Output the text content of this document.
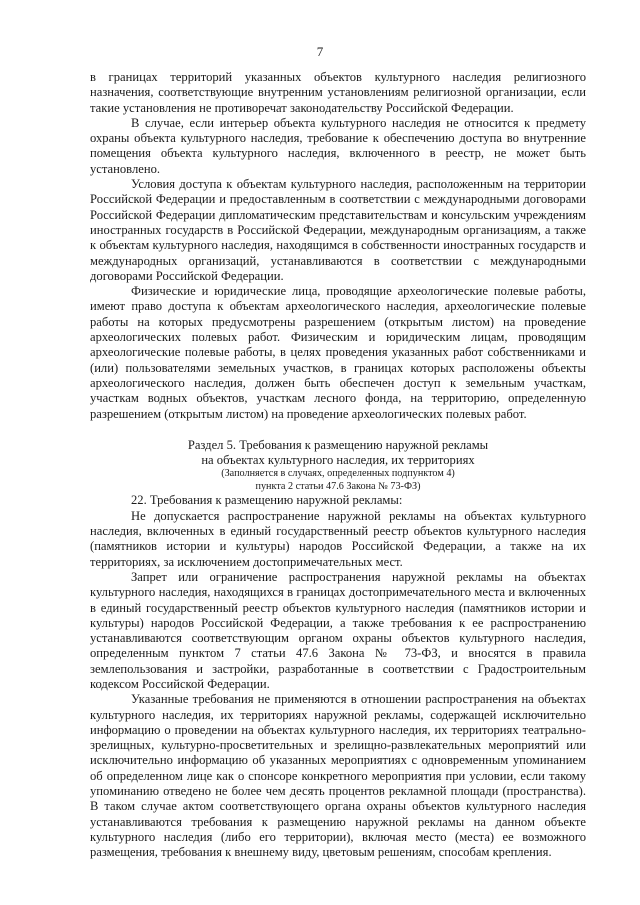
7

в границах территорий указанных объектов культурного наследия религиозного назначения, соответствующие внутренним установлениям религиозной организации, если такие установления не противоречат законодательству Российской Федерации.

В случае, если интерьер объекта культурного наследия не относится к предмету охраны объекта культурного наследия, требование к обеспечению доступа во внутренние помещения объекта культурного наследия, включенного в реестр, не может быть установлено.

Условия доступа к объектам культурного наследия, расположенным на территории Российской Федерации и предоставленным в соответствии с международными договорами Российской Федерации дипломатическим представительствам и консульским учреждениям иностранных государств в Российской Федерации, международным организациям, а также к объектам культурного наследия, находящимся в собственности иностранных государств и международных организаций, устанавливаются в соответствии с международными договорами Российской Федерации.

Физические и юридические лица, проводящие археологические полевые работы, имеют право доступа к объектам археологического наследия, археологические полевые работы на которых предусмотрены разрешением (открытым листом) на проведение археологических полевых работ. Физическим и юридическим лицам, проводящим археологические полевые работы, в целях проведения указанных работ собственниками и (или) пользователями земельных участков, в границах которых расположены объекты археологического наследия, должен быть обеспечен доступ к земельным участкам, участкам водных объектов, участкам лесного фонда, на территорию, определенную разрешением (открытым листом) на проведение археологических полевых работ.

Раздел 5. Требования к размещению наружной рекламы

на объектах культурного наследия, их территориях

(Заполняется в случаях, определенных подпунктом 4)

пункта 2 статьи 47.6 Закона № 73-ФЗ)

22. Требования к размещению наружной рекламы:

Не допускается распространение наружной рекламы на объектах культурного наследия, включенных в единый государственный реестр объектов культурного наследия (памятников истории и культуры) народов Российской Федерации, а также на их территориях, за исключением достопримечательных мест.

Запрет или ограничение распространения наружной рекламы на объектах культурного наследия, находящихся в границах достопримечательного места и включенных в единый государственный реестр объектов культурного наследия (памятников истории и культуры) народов Российской Федерации, а также требования к ее распространению устанавливаются соответствующим органом охраны объектов культурного наследия, определенным пунктом 7 статьи 47.6 Закона № 73-ФЗ, и вносятся в правила землепользования и застройки, разработанные в соответствии с Градостроительным кодексом Российской Федерации.

Указанные требования не применяются в отношении распространения на объектах культурного наследия, их территориях наружной рекламы, содержащей исключительно информацию о проведении на объектах культурного наследия, их территориях театрально-зрелищных, культурно-просветительных и зрелищно-развлекательных мероприятий или исключительно информацию об указанных мероприятиях с одновременным упоминанием об определенном лице как о спонсоре конкретного мероприятия при условии, если такому упоминанию отведено не более чем десять процентов рекламной площади (пространства). В таком случае актом соответствующего органа охраны объектов культурного наследия устанавливаются требования к размещению наружной рекламы на данном объекте культурного наследия (либо его территории), включая место (места) ее возможного размещения, требования к внешнему виду, цветовым решениям, способам крепления.
